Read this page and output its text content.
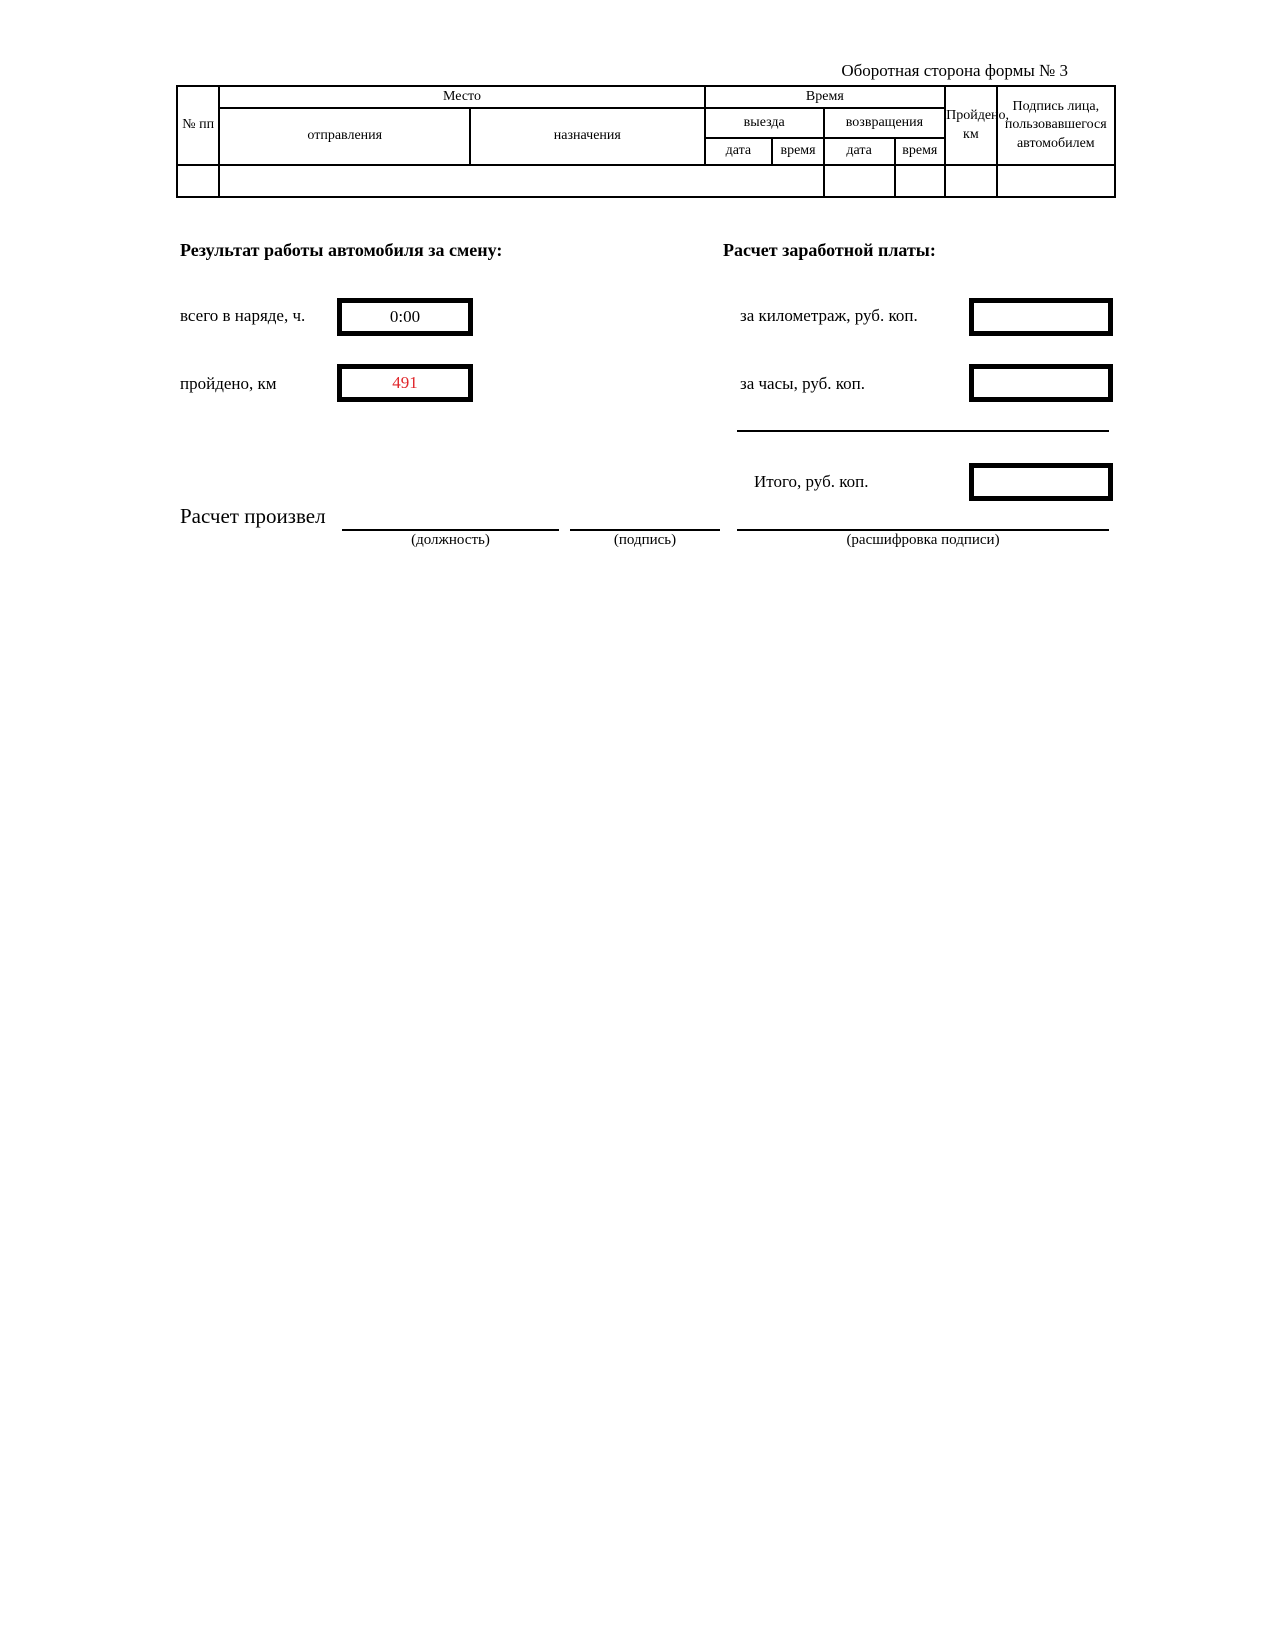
Оборотная сторона формы № 3
№ пп	Место		Время				Пройдено, км	Подпись лица, пользовавшегося автомобилем
	отправления	назначения	выезда		возвращения			
			дата	время	дата	время		

Результат работы автомобиля за смену:
всего в наряде, ч.	0:00
пройдено, км	491
Расчет заработной платы:
за километраж, руб. коп.
за часы, руб. коп.
Итого, руб. коп.
Расчет произвел
(должность)	(подпись)	(расшифровка подписи)
